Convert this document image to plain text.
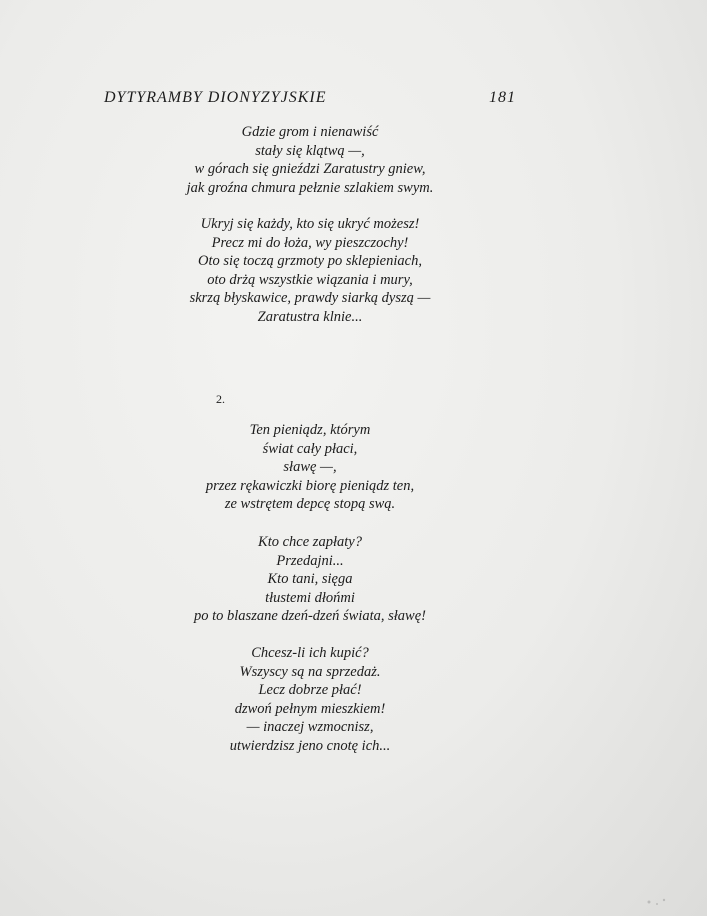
DYTYRAMBY DIONYZYJSKIE	181
Gdzie grom i nienawiść
stały się klątwą —,
w górach się gnieździ Zaratustry gniew,
jak groźna chmura pełznie szlakiem swym.
Ukryj się każdy, kto się ukryć możesz!
Precz mi do łoża, wy pieszczochy!
Oto się toczą grzmoty po sklepieniach,
oto drżą wszystkie wiązania i mury,
skrzą błyskawice, prawdy siarką dyszą —
Zaratustra klnie...
2.
Ten pieniądz, którym
świat cały płaci,
sławę —,
przez rękawiczki biorę pieniądz ten,
ze wstrętem depcę stopą swą.
Kto chce zapłaty?
Przedajni...
Kto tani, sięga
tłustemi dłońmi
po to blaszane dzeń-dzeń świata, sławę!
Chcesz-li ich kupić?
Wszyscy są na sprzedaż.
Lecz dobrze płać!
dzwoń pełnym mieszkiem!
— inaczej wzmocnisz,
utwierdzisz jeno cnotę ich...
